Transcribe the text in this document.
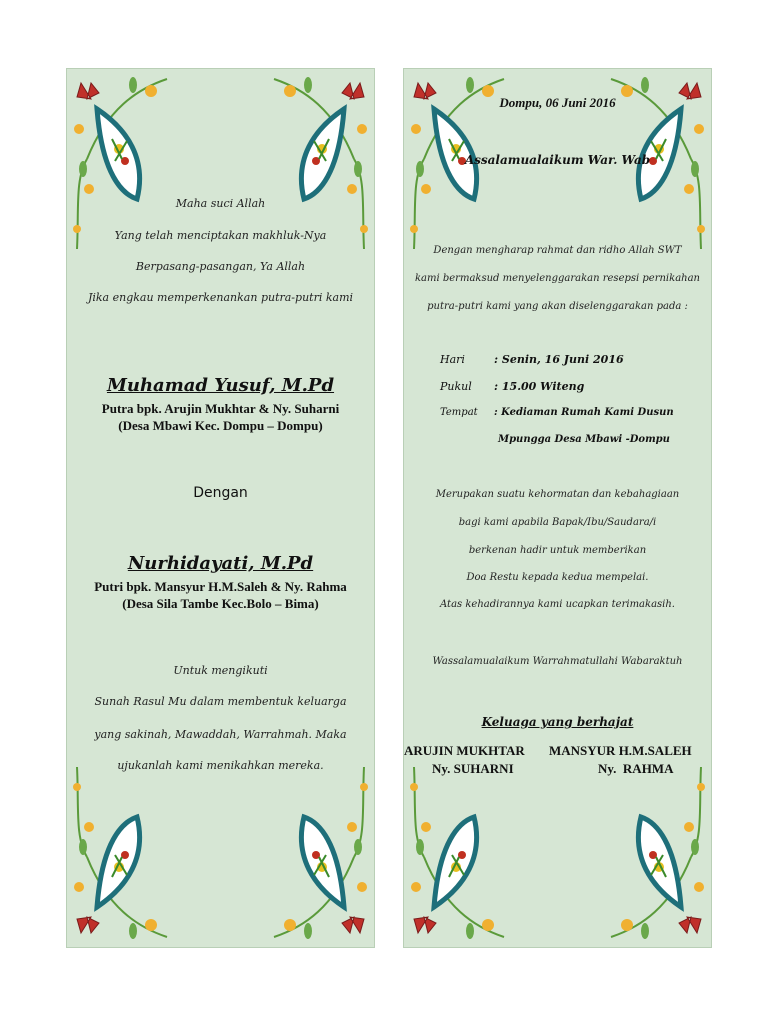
Maha suci Allah
Yang telah menciptakan makhluk-Nya
Berpasang-pasangan, Ya Allah
Jika engkau memperkenankan putra-putri kami
Muhamad Yusuf, M.Pd
Putra bpk. Arujin Mukhtar & Ny. Suharni
(Desa Mbawi Kec. Dompu – Dompu)
Dengan
Nurhidayati, M.Pd
Putri bpk. Mansyur H.M.Saleh & Ny. Rahma
(Desa Sila Tambe Kec.Bolo – Bima)
Untuk mengikuti
Sunah Rasul Mu dalam membentuk keluarga
yang sakinah, Mawaddah, Warrahmah. Maka
ujukanlah kami menikahkan mereka.
Dompu, 06 Juni 2016
Assalamualaikum War. Wab
Dengan mengharap rahmat dan ridho Allah SWT
kami bermaksud menyelenggarakan resepsi pernikahan
putra-putri kami yang akan diselenggarakan pada :
Hari	: Senin, 16 Juni 2016
Pukul : 15.00 Witeng
Tempat : Kediaman Rumah Kami Dusun
Mpungga Desa Mbawi -Dompu
Merupakan suatu kehormatan dan kebahagiaan
bagi kami apabila Bapak/Ibu/Saudara/i
berkenan hadir untuk memberikan
Doa Restu kepada kedua mempelai.
Atas kehadirannya kami ucapkan terimakasih.
Wassalamualaikum Warrahmatullahi Wabaraktuh
Keluaga yang berhajat
ARUJIN MUKHTAR
Ny. SUHARNI
MANSYUR H.M.SALEH
Ny.  RAHMA
